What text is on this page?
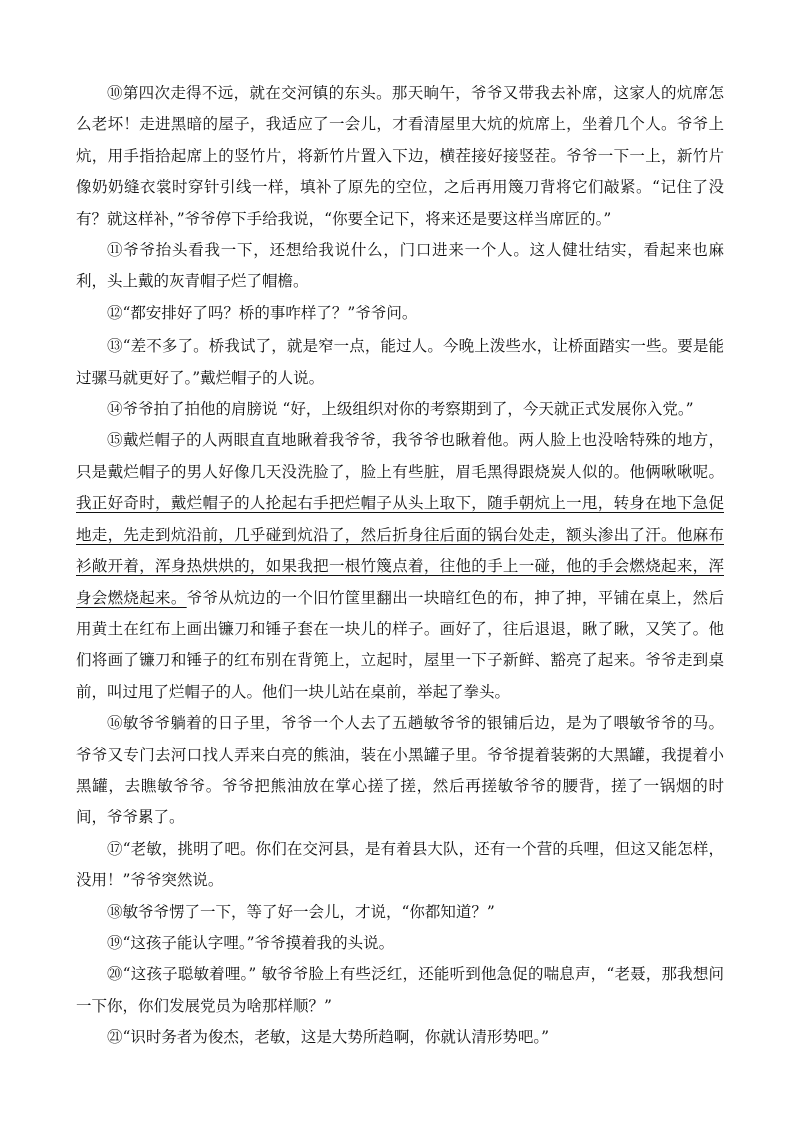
⑩第四次走得不远，就在交河镇的东头。那天晌午，爷爷又带我去补席，这家人的炕席怎么老坏！走进黑暗的屋子，我适应了一会儿，才看清屋里大炕的炕席上，坐着几个人。爷爷上炕，用手指拾起席上的竖竹片，将新竹片置入下边，横茬接好接竖茬。爷爷一下一上，新竹片像奶奶缝衣裳时穿针引线一样，填补了原先的空位，之后再用篾刀背将它们敲紧。“记住了没有？就这样补，”爷爷停下手给我说，“你要全记下，将来还是要这样当席匠的。”

⑪爷爷抬头看我一下，还想给我说什么，门口进来一个人。这人健壮结实，看起来也麻利，头上戴的灰青帽子烂了帽檐。

⑫“都安排好了吗？桥的事咋样了？”爷爷问。

⑬“差不多了。桥我试了，就是窄一点，能过人。今晚上泼些水，让桥面踏实一些。要是能过骡马就更好了。”戴烂帽子的人说。

⑭爷爷拍了拍他的肩膀说 “好，上级组织对你的考察期到了，今天就正式发展你入党。”

⑮戴烂帽子的人两眼直直地瞅着我爷爷，我爷爷也瞅着他。两人脸上也没啥特殊的地方，只是戴烂帽子的男人好像几天没洗脸了，脸上有些脏，眉毛黑得跟烧炭人似的。他俩啾啾呢。我正好奇时，戴烂帽子的人抡起右手把烂帽子从头上取下，随手朝炕上一甩，转身在地下急促地走，先走到炕沿前，几乎碰到炕沿了，然后折身往后面的锅台处走，额头渗出了汗。他麻布衫敞开着，浑身热烘烘的，如果我把一根竹篾点着，往他的手上一碰，他的手会燃烧起来，浑身会燃烧起来。爷爷从炕边的一个旧竹筐里翻出一块暗红色的布，抻了抻，平铺在桌上，然后用黄土在红布上画出镰刀和锤子套在一块儿的样子。画好了，往后退退，瞅了瞅，又笑了。他们将画了镰刀和锤子的红布别在背篼上，立起时，屋里一下子新鲜、豁亮了起来。爷爷走到桌前，叫过甩了烂帽子的人。他们一块儿站在桌前，举起了拳头。

⑯敏爷爷躺着的日子里，爷爷一个人去了五趟敏爷爷的银铺后边，是为了喂敏爷爷的马。爷爷又专门去河口找人弄来白亮的熊油，装在小黑罐子里。爷爷提着装粥的大黑罐，我提着小黑罐，去瞧敏爷爷。爷爷把熊油放在掌心搓了搓，然后再搓敏爷爷的腰背，搓了一锅烟的时间，爷爷累了。

⑰“老敏，挑明了吧。你们在交河县，是有着县大队，还有一个营的兵哩，但这又能怎样，没用！”爷爷突然说。

⑱敏爷爷愣了一下，等了好一会儿，才说，“你都知道？”

⑲“这孩子能认字哩。”爷爷摸着我的头说。

⑳“这孩子聪敏着哩。” 敏爷爷脸上有些泛红，还能听到他急促的喘息声，“老聂，那我想问一下你，你们发展党员为啥那样顺？”

㉑“识时务者为俊杰，老敏，这是大势所趋啊，你就认清形势吧。”
